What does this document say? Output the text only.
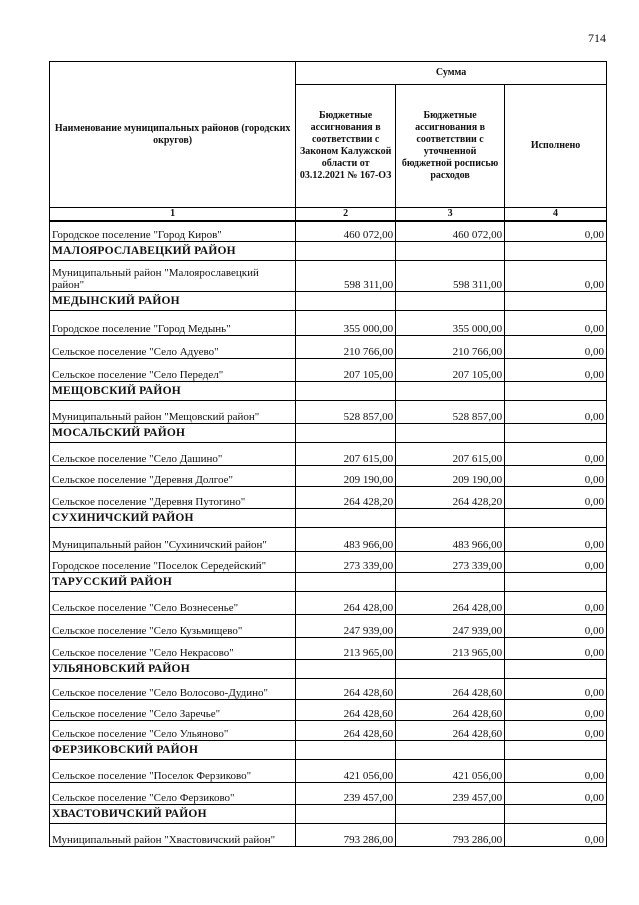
714
Наименование муниципальных районов (городских округов)	Сумма		
	Бюджетные ассигнования в соответствии с Законом Калужской области от 03.12.2021 № 167-ОЗ	Бюджетные ассигнования в соответствии с уточненной бюджетной росписью расходов	Исполнено
1	2	3	4
Городское поселение "Город Киров"	460 072,00	460 072,00	0,00
МАЛОЯРОСЛАВЕЦКИЙ РАЙОН			
Муниципальный район "Малоярославецкий район"	598 311,00	598 311,00	0,00
МЕДЫНСКИЙ РАЙОН			
Городское поселение "Город Медынь"	355 000,00	355 000,00	0,00
Сельское поселение "Село Адуево"	210 766,00	210 766,00	0,00
Сельское поселение "Село Передел"	207 105,00	207 105,00	0,00
МЕЩОВСКИЙ РАЙОН			
Муниципальный район "Мещовский район"	528 857,00	528 857,00	0,00
МОСАЛЬСКИЙ РАЙОН			
Сельское поселение "Село Дашино"	207 615,00	207 615,00	0,00
Сельское поселение "Деревня Долгое"	209 190,00	209 190,00	0,00
Сельское поселение "Деревня Путогино"	264 428,20	264 428,20	0,00
СУХИНИЧСКИЙ РАЙОН			
Муниципальный район "Сухиничский район"	483 966,00	483 966,00	0,00
Городское поселение "Поселок Середейский"	273 339,00	273 339,00	0,00
ТАРУССКИЙ РАЙОН			
Сельское поселение "Село Вознесенье"	264 428,00	264 428,00	0,00
Сельское поселение "Село Кузьмищево"	247 939,00	247 939,00	0,00
Сельское поселение "Село Некрасово"	213 965,00	213 965,00	0,00
УЛЬЯНОВСКИЙ РАЙОН			
Сельское поселение "Село Волосово-Дудино"	264 428,60	264 428,60	0,00
Сельское поселение "Село Заречье"	264 428,60	264 428,60	0,00
Сельское поселение "Село Ульяново"	264 428,60	264 428,60	0,00
ФЕРЗИКОВСКИЙ РАЙОН			
Сельское поселение "Поселок Ферзиково"	421 056,00	421 056,00	0,00
Сельское поселение "Село Ферзиково"	239 457,00	239 457,00	0,00
ХВАСТОВИЧСКИЙ РАЙОН			
Муниципальный район "Хвастовичский район"	793 286,00	793 286,00	0,00
